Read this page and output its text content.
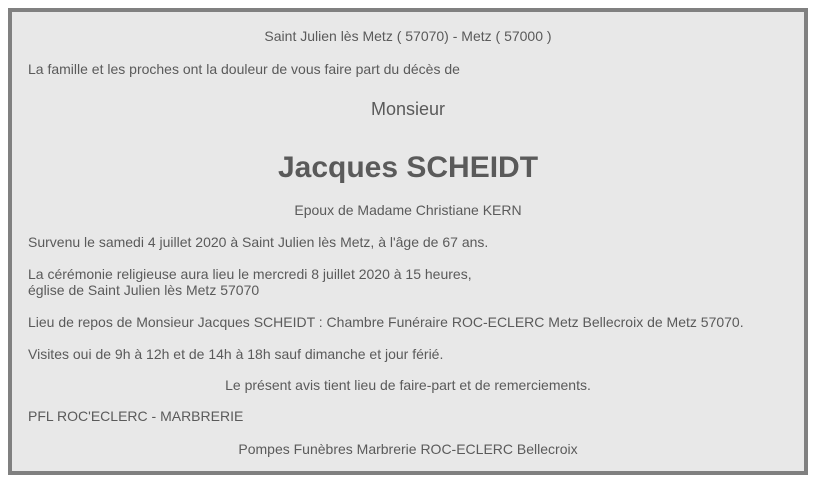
Saint Julien lès Metz ( 57070) - Metz ( 57000 )
La famille et les proches ont la douleur de vous faire part du décès de
Monsieur
Jacques SCHEIDT
Epoux de Madame Christiane KERN
Survenu le samedi 4 juillet 2020 à Saint Julien lès Metz, à l'âge de 67 ans.
La cérémonie religieuse aura lieu le mercredi 8 juillet 2020 à 15 heures,
église de Saint Julien lès Metz 57070
Lieu de repos de Monsieur Jacques SCHEIDT : Chambre Funéraire ROC-ECLERC Metz Bellecroix de Metz 57070.
Visites oui de 9h à 12h et de 14h à 18h sauf dimanche et jour férié.
Le présent avis tient lieu de faire-part et de remerciements.
PFL ROC'ECLERC - MARBRERIE
Pompes Funèbres Marbrerie ROC-ECLERC Bellecroix
